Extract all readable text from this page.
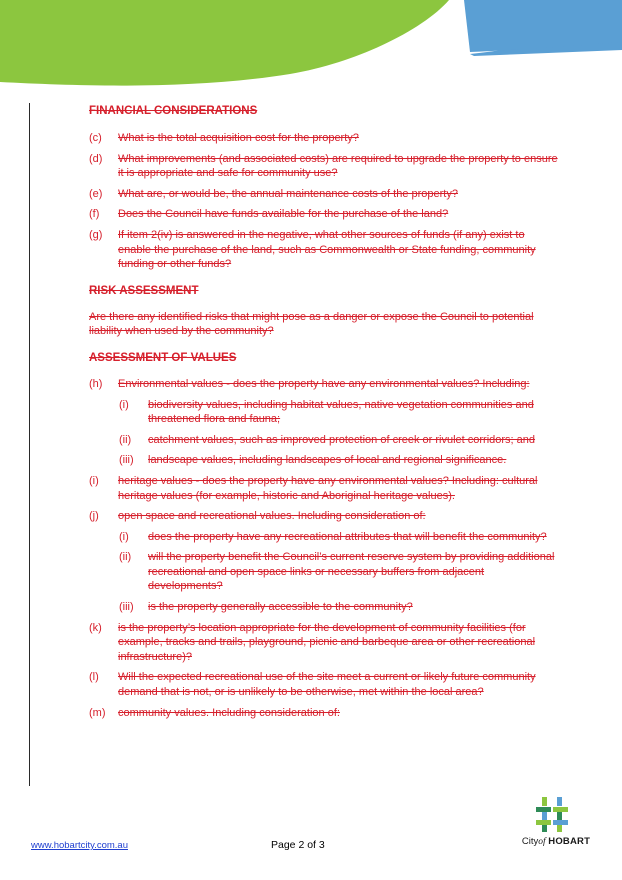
FINANCIAL CONSIDERATIONS
(c) What is the total acquisition cost for the property?
(d) What improvements (and associated costs) are required to upgrade the property to ensure it is appropriate and safe for community use?
(e) What are, or would be, the annual maintenance costs of the property?
(f) Does the Council have funds available for the purchase of the land?
(g) If item 2(iv) is answered in the negative, what other sources of funds (if any) exist to enable the purchase of the land, such as Commonwealth or State funding, community funding or other funds?
RISK ASSESSMENT

Are there any identified risks that might pose as a danger or expose the Council to potential liability when used by the community?

ASSESSMENT OF VALUES
(h) Environmental values - does the property have any environmental values? Including:
(i) biodiversity values, including habitat values, native vegetation communities and threatened flora and fauna;
(ii) catchment values, such as improved protection of creek or rivulet corridors; and
(iii) landscape values, including landscapes of local and regional significance.
(i) heritage values - does the property have any environmental values? Including: cultural heritage values (for example, historic and Aboriginal heritage values).
(j) open space and recreational values. Including consideration of:
(i) does the property have any recreational attributes that will benefit the community?
(ii) will the property benefit the Council’s current reserve system by providing additional recreational and open space links or necessary buffers from adjacent developments?
(iii) is the property generally accessible to the community?
(k) is the property’s location appropriate for the development of community facilities (for example, tracks and trails, playground, picnic and barbeque area or other recreational infrastructure)?
(l) Will the expected recreational use of the site meet a current or likely future community demand that is not, or is unlikely to be otherwise, met within the local area?
(m) community values. Including consideration of:
www.hobartcity.com.au	Page 2 of 3	Cityof HOBART
